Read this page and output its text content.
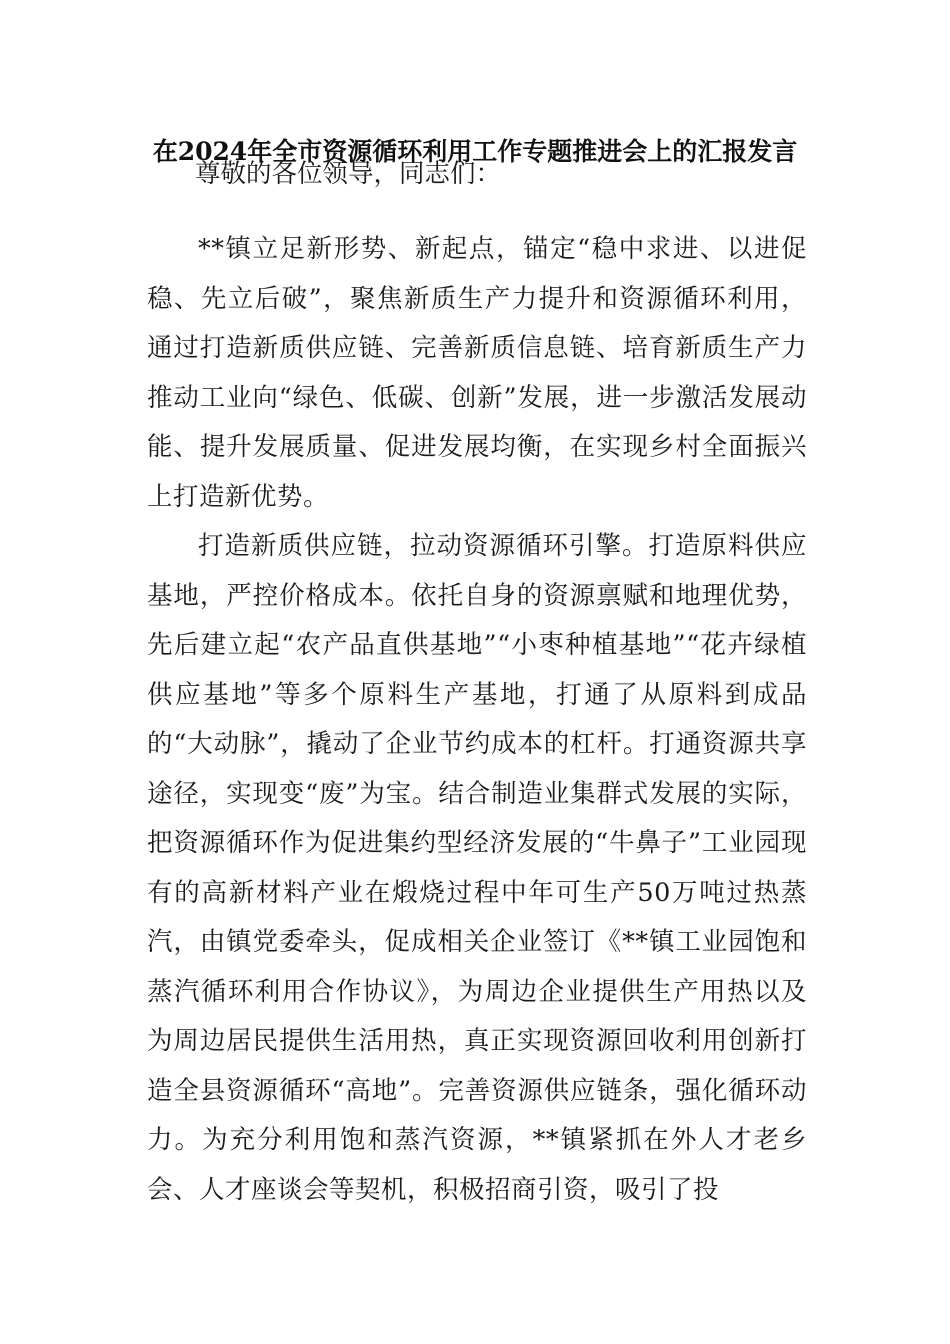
在2024年全市资源循环利用工作专题推进会上的汇报发言
尊敬的各位领导，同志们：

**镇立足新形势、新起点，锚定“稳中求进、以进促稳、先立后破”，聚焦新质生产力提升和资源循环利用，通过打造新质供应链、完善新质信息链、培育新质生产力推动工业向“绿色、低碳、创新”发展，进一步激活发展动能、提升发展质量、促进发展均衡，在实现乡村全面振兴上打造新优势。

打造新质供应链，拉动资源循环引擎。打造原料供应基地，严控价格成本。依托自身的资源禀赋和地理优势，先后建立起“农产品直供基地”“小枣种植基地”“花卉绿植供应基地”等多个原料生产基地，打通了从原料到成品的“大动脉”，撬动了企业节约成本的杠杆。打通资源共享途径，实现变“废”为宝。结合制造业集群式发展的实际，把资源循环作为促进集约型经济发展的“牛鼻子”工业园现有的高新材料产业在煅烧过程中年可生产50万吨过热蒸汽，由镇党委牵头，促成相关企业签订《**镇工业园饱和蒸汽循环利用合作协议》，为周边企业提供生产用热以及为周边居民提供生活用热，真正实现资源回收利用创新打造全县资源循环“高地”。完善资源供应链条，强化循环动力。为充分利用饱和蒸汽资源，**镇紧抓在外人才老乡会、人才座谈会等契机，积极招商引资，吸引了投
